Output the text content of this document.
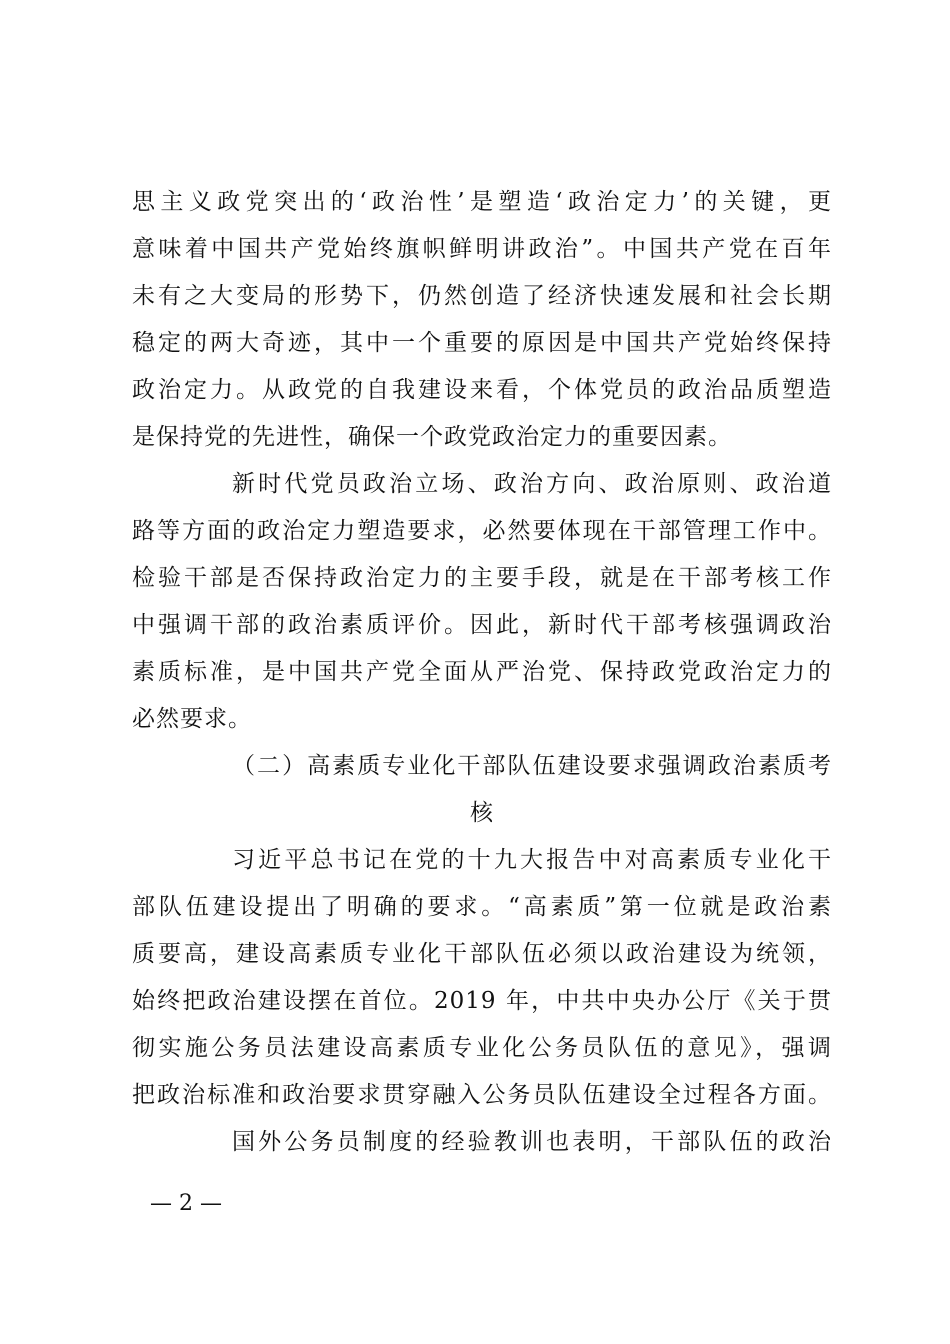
思主义政党突出的‘政治性’是塑造‘政治定力’的关键，更
意味着中国共产党始终旗帜鲜明讲政治”。中国共产党在百年
未有之大变局的形势下，仍然创造了经济快速发展和社会长期
稳定的两大奇迹，其中一个重要的原因是中国共产党始终保持
政治定力。从政党的自我建设来看，个体党员的政治品质塑造
是保持党的先进性，确保一个政党政治定力的重要因素。
新时代党员政治立场、政治方向、政治原则、政治道
路等方面的政治定力塑造要求，必然要体现在干部管理工作中。
检验干部是否保持政治定力的主要手段，就是在干部考核工作
中强调干部的政治素质评价。因此，新时代干部考核强调政治
素质标准，是中国共产党全面从严治党、保持政党政治定力的
必然要求。
（二）高素质专业化干部队伍建设要求强调政治素质考
核
习近平总书记在党的十九大报告中对高素质专业化干
部队伍建设提出了明确的要求。“高素质”第一位就是政治素
质要高，建设高素质专业化干部队伍必须以政治建设为统领，
始终把政治建设摆在首位。2019 年，中共中央办公厅《关于贯
彻实施公务员法建设高素质专业化公务员队伍的意见》，强调
把政治标准和政治要求贯穿融入公务员队伍建设全过程各方面。
国外公务员制度的经验教训也表明，干部队伍的政治
— 2 —
